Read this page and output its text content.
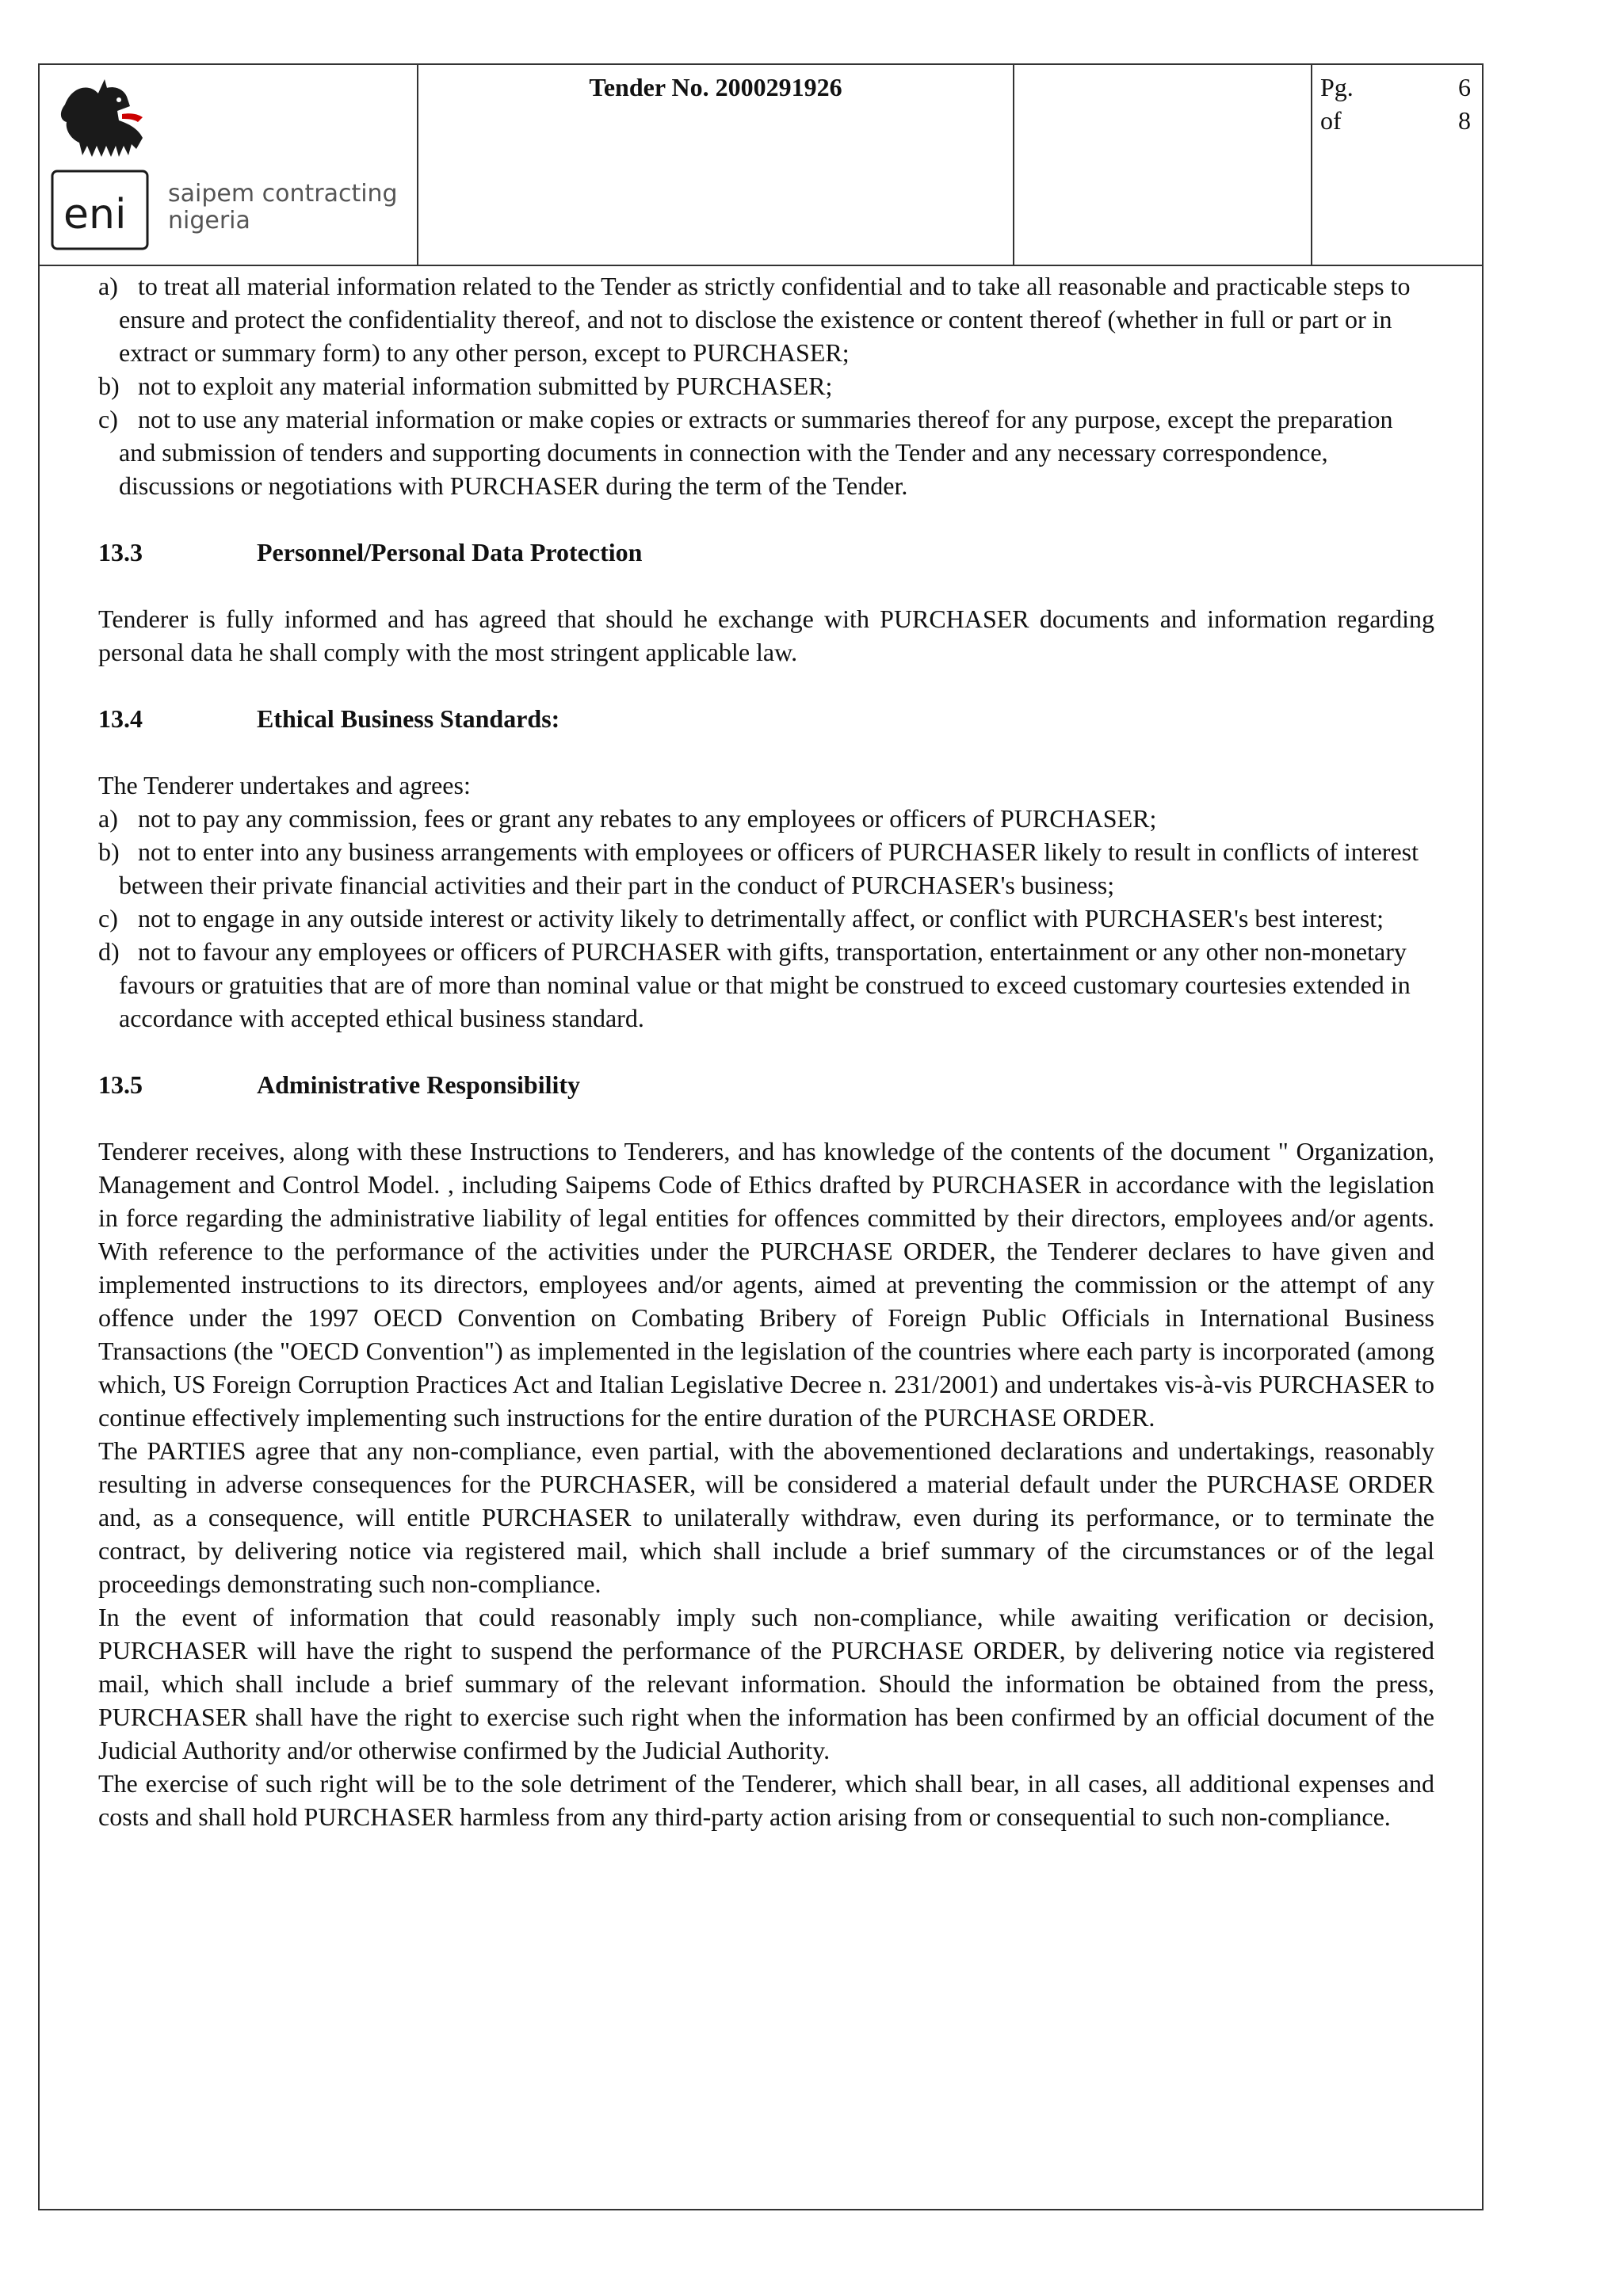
eni saipem contracting
nigeria
Tender No. 2000291926	Pg.	6
of	8
a) to treat all material information related to the Tender as strictly confidential and to take all reasonable and practicable steps to ensure and protect the confidentiality thereof, and not to disclose the existence or content thereof (whether in full or part or in extract or summary form) to any other person, except to PURCHASER;
b) not to exploit any material information submitted by PURCHASER;
c) not to use any material information or make copies or extracts or summaries thereof for any purpose, except the preparation and submission of tenders and supporting documents in connection with the Tender and any necessary correspondence, discussions or negotiations with PURCHASER during the term of the Tender.
13.3	Personnel/Personal Data Protection
Tenderer is fully informed and has agreed that should he exchange with PURCHASER documents and information regarding personal data he shall comply with the most stringent applicable law.
13.4	Ethical Business Standards:
The Tenderer undertakes and agrees:
a) not to pay any commission, fees or grant any rebates to any employees or officers of PURCHASER;
b) not to enter into any business arrangements with employees or officers of PURCHASER likely to result in conflicts of interest between their private financial activities and their part in the conduct of PURCHASER's business;
c) not to engage in any outside interest or activity likely to detrimentally affect, or conflict with PURCHASER's best interest;
d) not to favour any employees or officers of PURCHASER with gifts, transportation, entertainment or any other non-monetary favours or gratuities that are of more than nominal value or that might be construed to exceed customary courtesies extended in accordance with accepted ethical business standard.
13.5	Administrative Responsibility
Tenderer receives, along with these Instructions to Tenderers, and has knowledge of the contents of the document " Organization, Management and Control Model. , including Saipems Code of Ethics drafted by PURCHASER in accordance with the legislation in force regarding the administrative liability of legal entities for offences committed by their directors, employees and/or agents. With reference to the performance of the activities under the PURCHASE ORDER, the Tenderer declares to have given and implemented instructions to its directors, employees and/or agents, aimed at preventing the commission or the attempt of any offence under the 1997 OECD Convention on Combating Bribery of Foreign Public Officials in International Business Transactions (the "OECD Convention") as implemented in the legislation of the countries where each party is incorporated (among which, US Foreign Corruption Practices Act and Italian Legislative Decree n. 231/2001) and undertakes vis-à-vis PURCHASER to continue effectively implementing such instructions for the entire duration of the PURCHASE ORDER.
The PARTIES agree that any non-compliance, even partial, with the abovementioned declarations and undertakings, reasonably resulting in adverse consequences for the PURCHASER, will be considered a material default under the PURCHASE ORDER and, as a consequence, will entitle PURCHASER to unilaterally withdraw, even during its performance, or to terminate the contract, by delivering notice via registered mail, which shall include a brief summary of the circumstances or of the legal proceedings demonstrating such non-compliance.
In the event of information that could reasonably imply such non-compliance, while awaiting verification or decision, PURCHASER will have the right to suspend the performance of the PURCHASE ORDER, by delivering notice via registered mail, which shall include a brief summary of the relevant information. Should the information be obtained from the press, PURCHASER shall have the right to exercise such right when the information has been confirmed by an official document of the Judicial Authority and/or otherwise confirmed by the Judicial Authority.
The exercise of such right will be to the sole detriment of the Tenderer, which shall bear, in all cases, all additional expenses and costs and shall hold PURCHASER harmless from any third-party action arising from or consequential to such non-compliance.
